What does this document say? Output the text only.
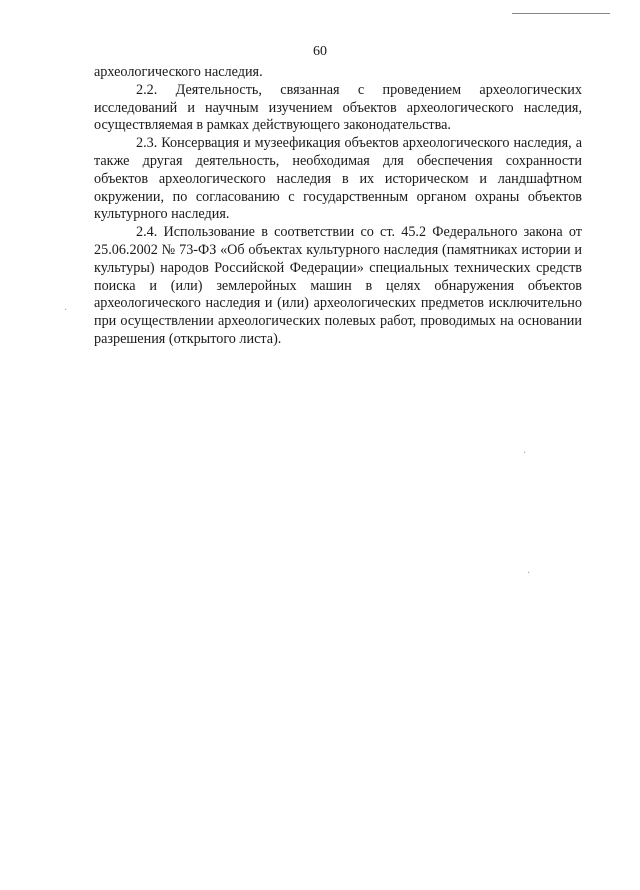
60

археологического наследия.

2.2. Деятельность, связанная с проведением археологических исследований и научным изучением объектов археологического наследия, осуществляемая в рамках действующего законодательства.

2.3. Консервация и музеефикация объектов археологического наследия, а также другая деятельность, необходимая для обеспечения сохранности объектов археологического наследия в их историческом и ландшафтном окружении, по согласованию с государственным органом охраны объектов культурного наследия.

2.4. Использование в соответствии со ст. 45.2 Федерального закона от 25.06.2002 № 73-ФЗ «Об объектах культурного наследия (памятниках истории и культуры) народов Российской Федерации» специальных технических средств поиска и (или) землеройных машин в целях обнаружения объектов археологического наследия и (или) археологических предметов исключительно при осуществлении археологических полевых работ, проводимых на основании разрешения (открытого листа).

·
·
·
